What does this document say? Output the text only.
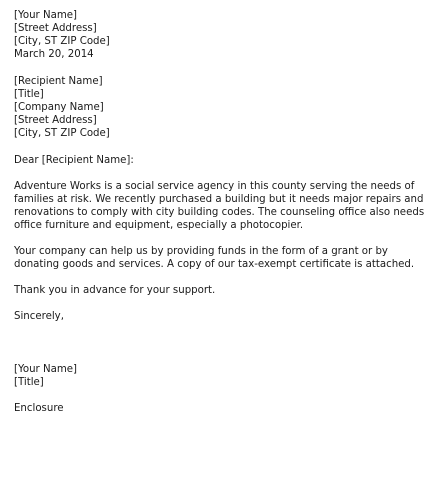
[Your Name]
[Street Address]
[City, ST ZIP Code]
March 20, 2014
[Recipient Name]
[Title]
[Company Name]
[Street Address]
[City, ST ZIP Code]
Dear [Recipient Name]:
Adventure Works is a social service agency in this county serving the needs of families at risk. We recently purchased a building but it needs major repairs and renovations to comply with city building codes. The counseling office also needs office furniture and equipment, especially a photocopier.
Your company can help us by providing funds in the form of a grant or by donating goods and services. A copy of our tax-exempt certificate is attached.
Thank you in advance for your support.
Sincerely,
[Your Name]
[Title]
Enclosure
